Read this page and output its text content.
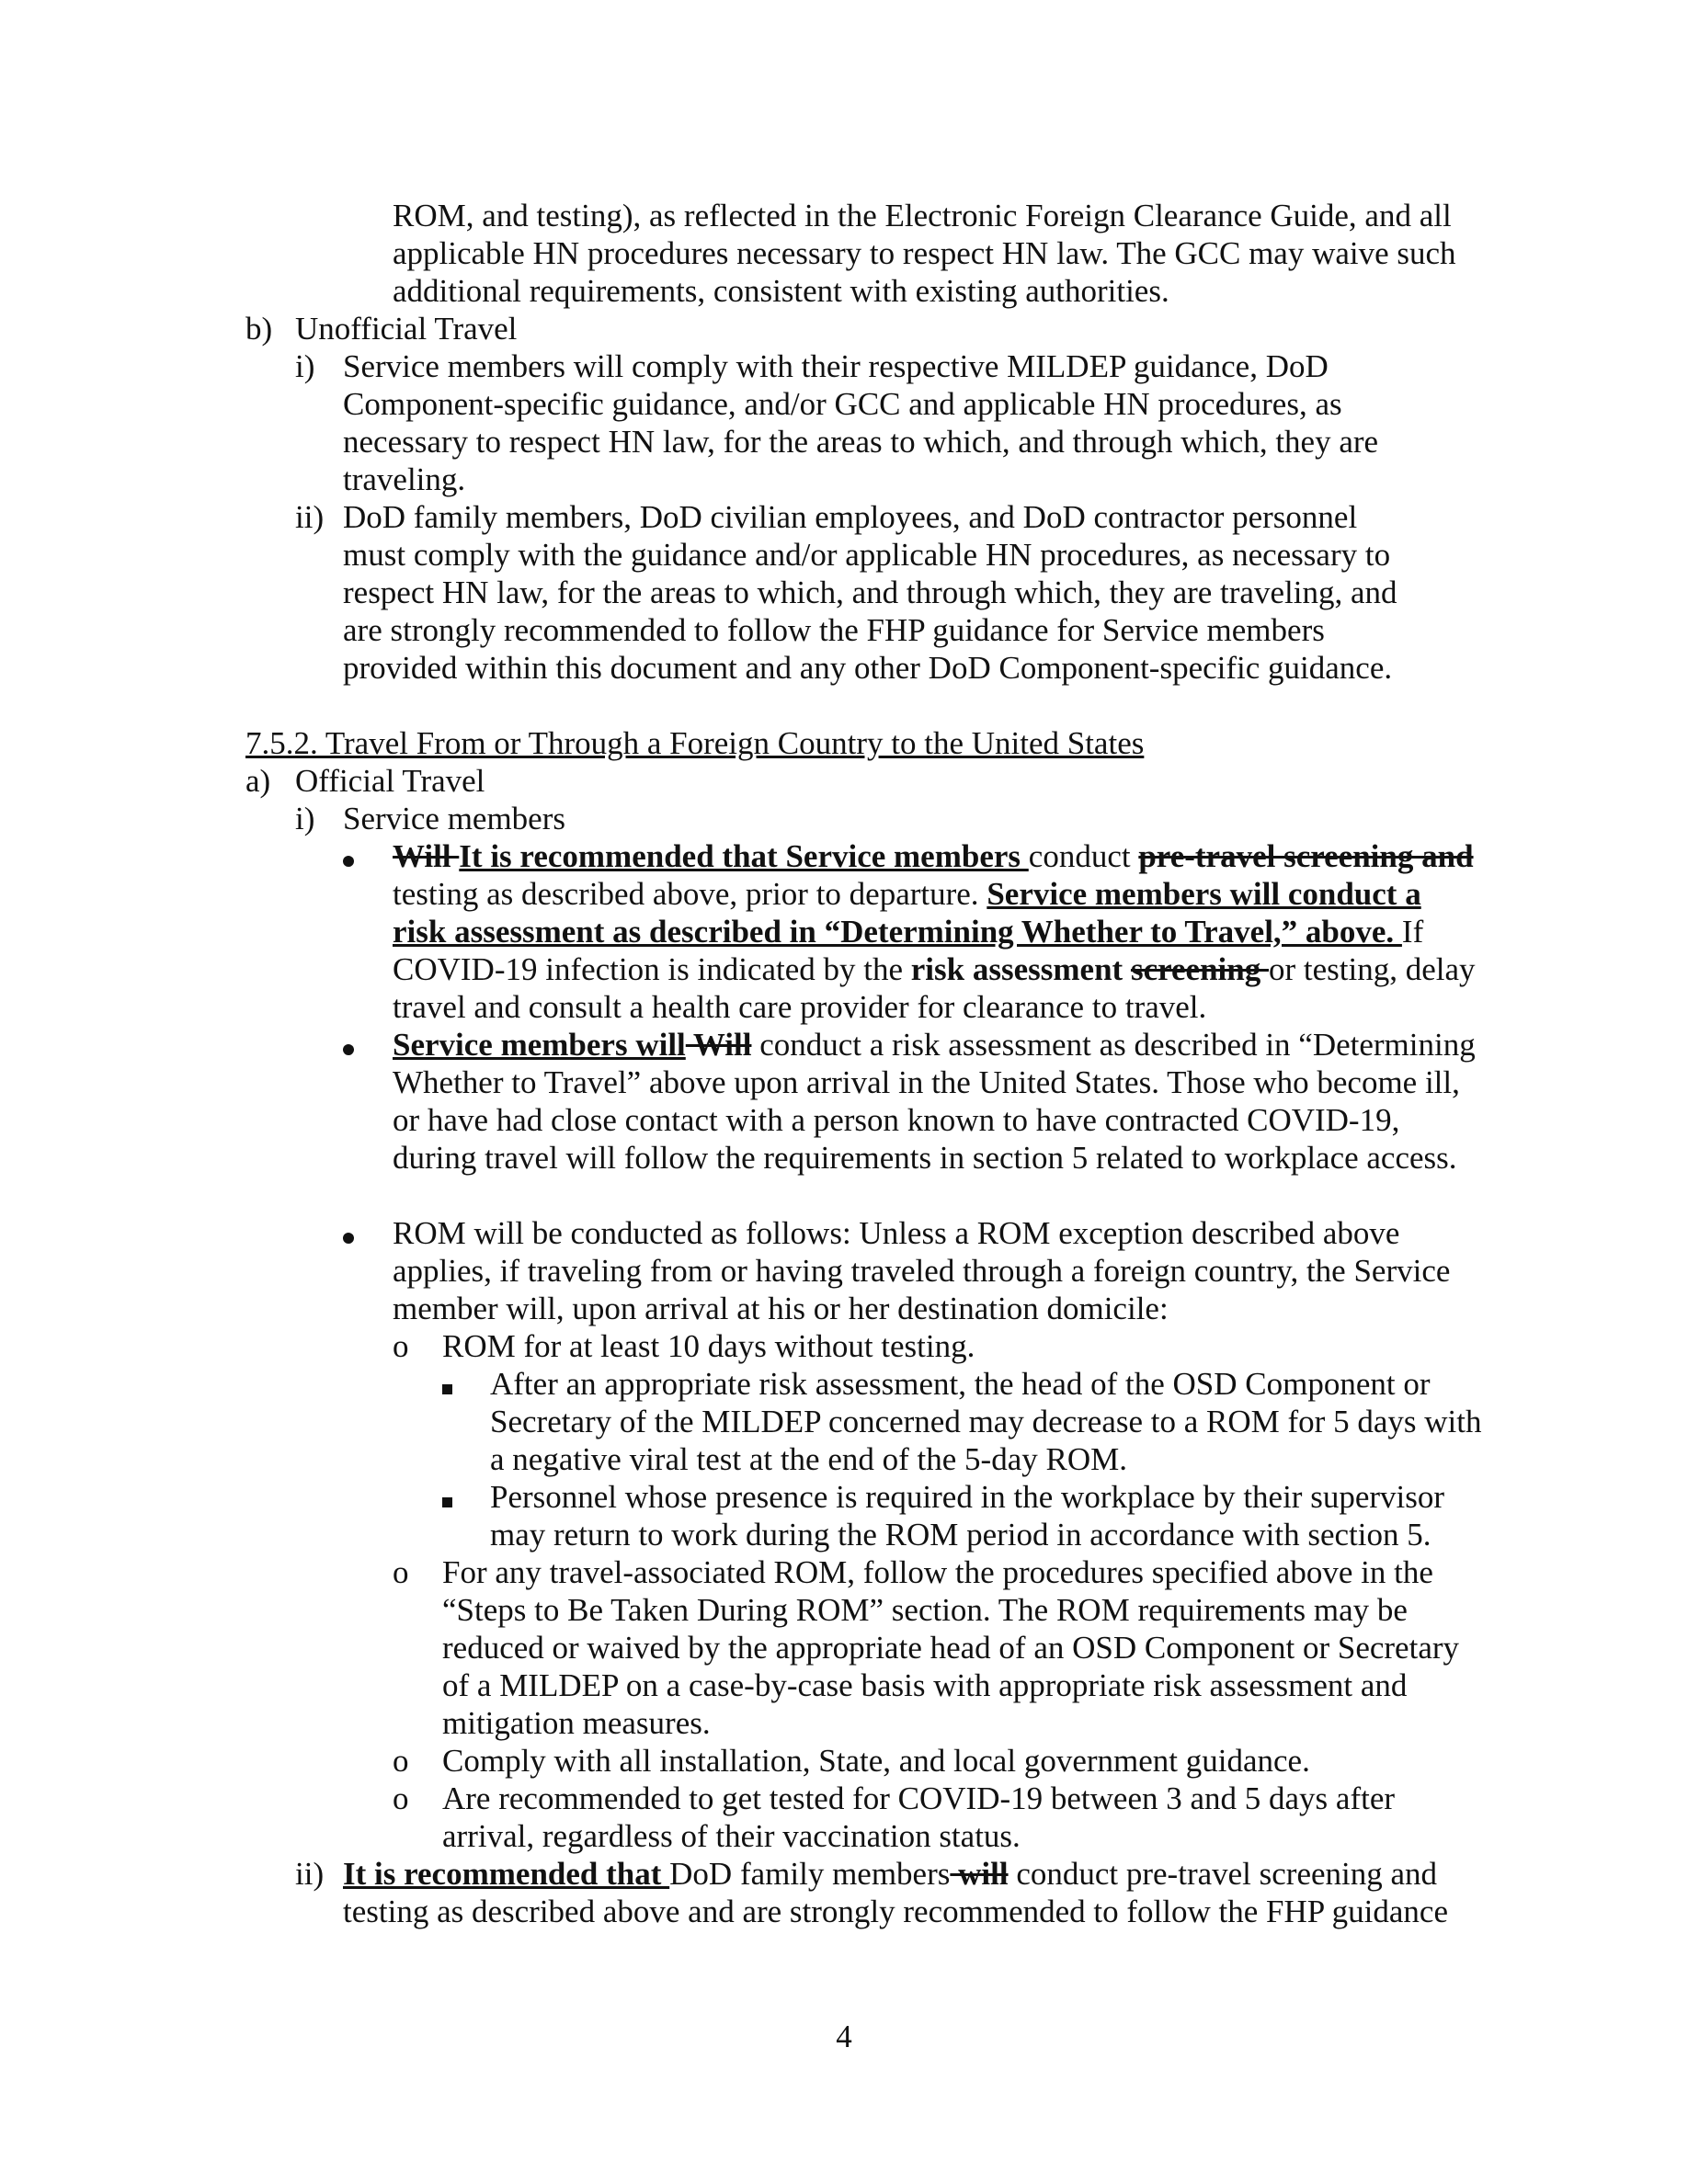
ROM, and testing), as reflected in the Electronic Foreign Clearance Guide, and all applicable HN procedures necessary to respect HN law. The GCC may waive such additional requirements, consistent with existing authorities.
b) Unofficial Travel
i) Service members will comply with their respective MILDEP guidance, DoD Component-specific guidance, and/or GCC and applicable HN procedures, as necessary to respect HN law, for the areas to which, and through which, they are traveling.
ii) DoD family members, DoD civilian employees, and DoD contractor personnel must comply with the guidance and/or applicable HN procedures, as necessary to respect HN law, for the areas to which, and through which, they are traveling, and are strongly recommended to follow the FHP guidance for Service members provided within this document and any other DoD Component-specific guidance.
7.5.2. Travel From or Through a Foreign Country to the United States
a) Official Travel
i) Service members
Will It is recommended that Service members conduct pre-travel screening and testing as described above, prior to departure. Service members will conduct a risk assessment as described in “Determining Whether to Travel,” above. If COVID-19 infection is indicated by the risk assessment screening or testing, delay travel and consult a health care provider for clearance to travel.
Service members will Will conduct a risk assessment as described in “Determining Whether to Travel” above upon arrival in the United States. Those who become ill, or have had close contact with a person known to have contracted COVID-19, during travel will follow the requirements in section 5 related to workplace access.
ROM will be conducted as follows: Unless a ROM exception described above applies, if traveling from or having traveled through a foreign country, the Service member will, upon arrival at his or her destination domicile:
o	ROM for at least 10 days without testing.
After an appropriate risk assessment, the head of the OSD Component or Secretary of the MILDEP concerned may decrease to a ROM for 5 days with a negative viral test at the end of the 5-day ROM.
Personnel whose presence is required in the workplace by their supervisor may return to work during the ROM period in accordance with section 5.
o	For any travel-associated ROM, follow the procedures specified above in the “Steps to Be Taken During ROM” section. The ROM requirements may be reduced or waived by the appropriate head of an OSD Component or Secretary of a MILDEP on a case-by-case basis with appropriate risk assessment and mitigation measures.
o	Comply with all installation, State, and local government guidance.
o	Are recommended to get tested for COVID-19 between 3 and 5 days after arrival, regardless of their vaccination status.
ii) It is recommended that DoD family members will conduct pre-travel screening and testing as described above and are strongly recommended to follow the FHP guidance
4
